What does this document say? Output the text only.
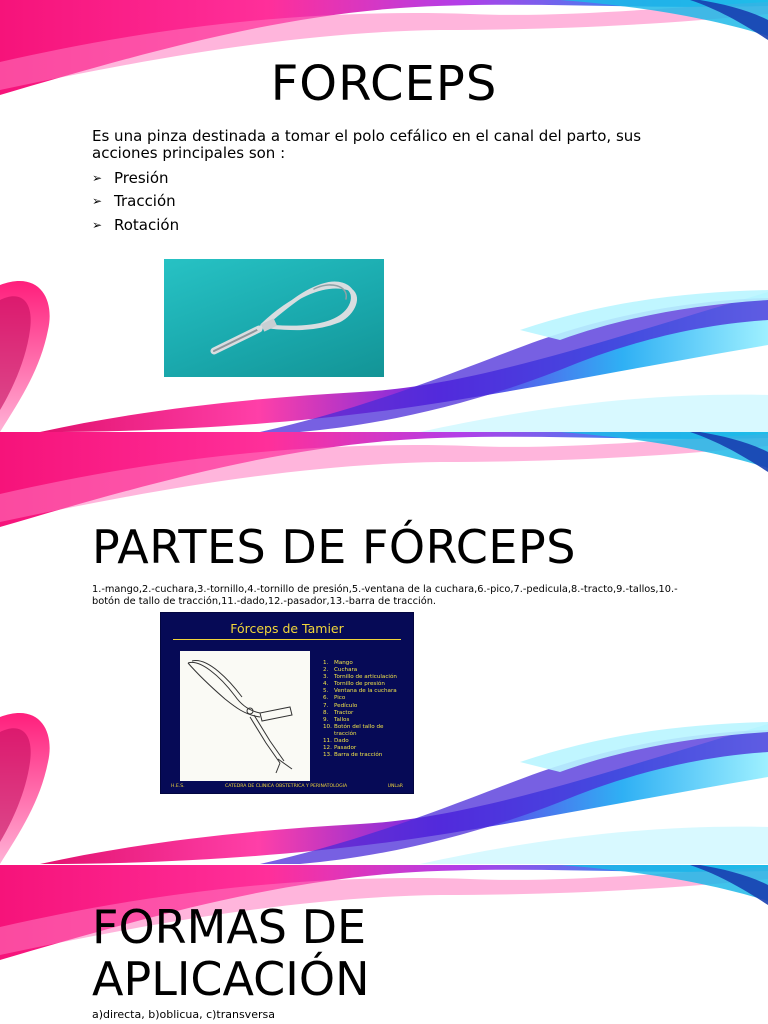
FORCEPS
Es una pinza destinada a tomar el polo cefálico en el canal del parto, sus acciones principales son :
➢ Presión
➢ Tracción
➢ Rotación
PARTES DE FÓRCEPS
1.-mango,2.-cuchara,3.-tornillo,4.-tornillo de presión,5.-ventana de la cuchara,6.-pico,7.-pedicula,8.-tracto,9.-tallos,10.-botón de tallo de tracción,11.-dado,12.-pasador,13.-barra de tracción.
Fórceps de Tamier
1. Mango
2. Cuchara
3. Tornillo de articulación
4. Tornillo de presión
5. Ventana de la cuchara
6. Pico
7. Pedículo
8. Tractor
9. Tallos
10. Botón del tallo de
tracción
11. Dado
12. Pasador
13. Barra de tracción
H.E.S.	CATEDRA DE CLINICA OBSTETRICA Y PERINATOLOGIA	UNLaR
FORMAS DE
APLICACIÓN
a)directa, b)oblicua, c)transversa
